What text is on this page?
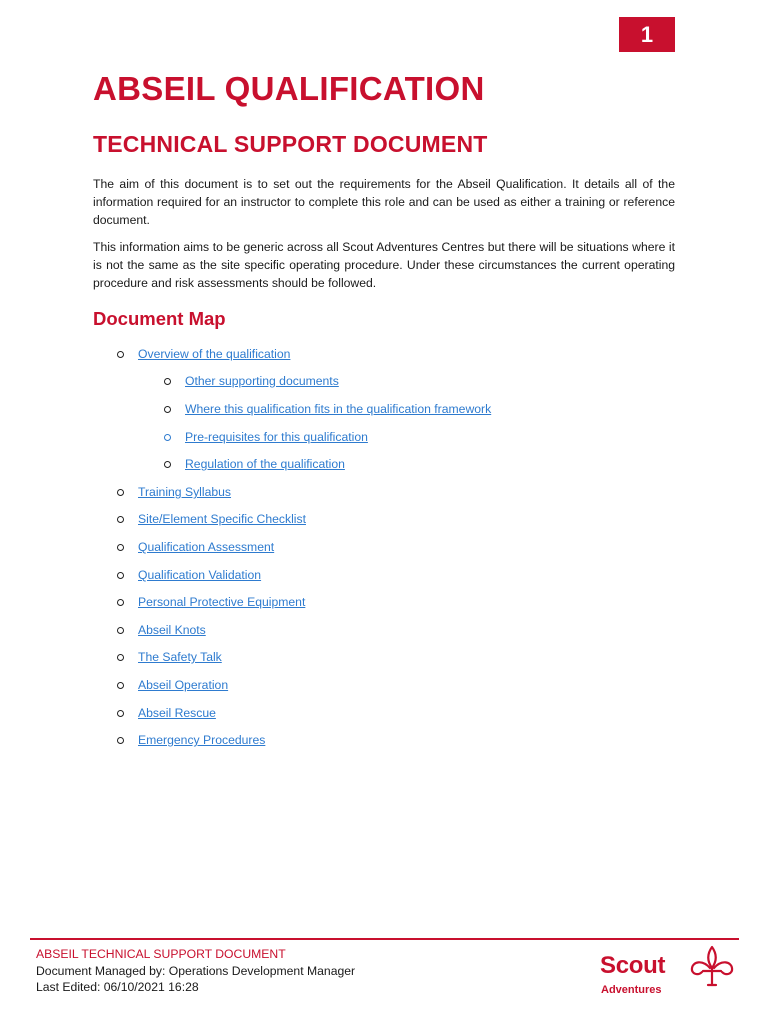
1
ABSEIL QUALIFICATION
TECHNICAL SUPPORT DOCUMENT

The aim of this document is to set out the requirements for the Abseil Qualification. It details all of the information required for an instructor to complete this role and can be used as either a training or reference document.

This information aims to be generic across all Scout Adventures Centres but there will be situations where it is not the same as the site specific operating procedure. Under these circumstances the current operating procedure and risk assessments should be followed.

Document Map
Overview of the qualification
Other supporting documents
Where this qualification fits in the qualification framework
Pre-requisites for this qualification
Regulation of the qualification
Training Syllabus
Site/Element Specific Checklist
Qualification Assessment
Qualification Validation
Personal Protective Equipment
Abseil Knots
The Safety Talk
Abseil Operation
Abseil Rescue
Emergency Procedures
ABSEIL TECHNICAL SUPPORT DOCUMENT
Document Managed by: Operations Development Manager
Last Edited: 06/10/2021 16:28
Scout
Adventures
